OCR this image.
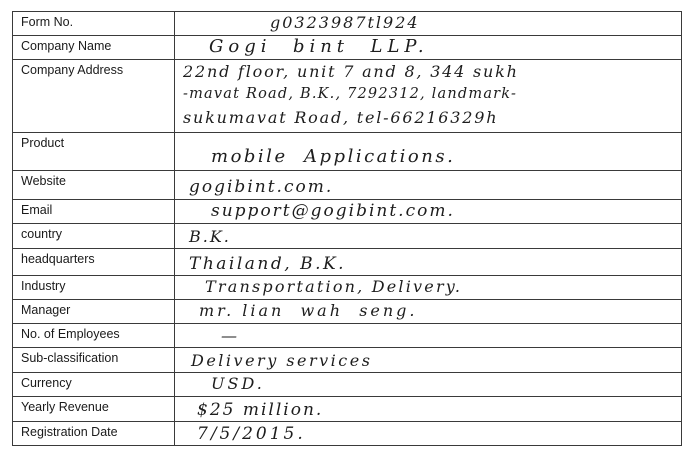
Form No.	g0323987tl924

Company Name	Gogi  bint  LLP.

Company Address	22nd floor, unit 7 and 8, 344 sukh
-mavat Road, B.K., 7292312, landmark-
sukumavat Road, tel-66216329h

Product	mobile  Applications.

Website	gogibint.com.

Email	support@gogibint.com.

country	B.K.

headquarters	Thailand, B.K.

Industry	Transportation, Delivery.

Manager	mr. lian  wah  seng.

No. of Employees	—

Sub-classification	Delivery services

Currency	USD.

Yearly Revenue	$25 million.

Registration Date	7/5/2015.
